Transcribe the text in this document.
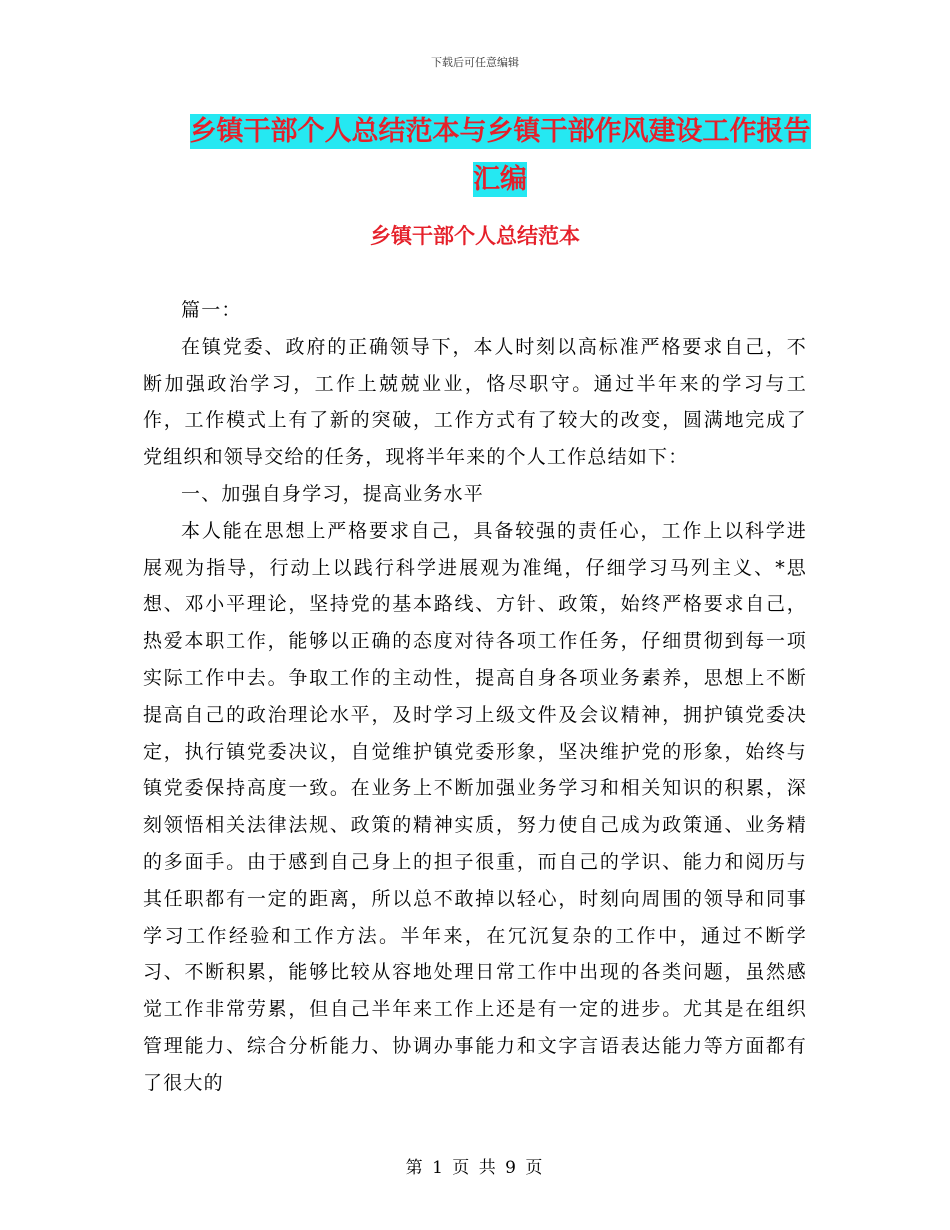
下载后可任意编辑
乡镇干部个人总结范本与乡镇干部作风建设工作报告
汇编
乡镇干部个人总结范本

篇一：

在镇党委、政府的正确领导下，本人时刻以高标准严格要求自己，不断加强政治学习，工作上兢兢业业，恪尽职守。通过半年来的学习与工作，工作模式上有了新的突破，工作方式有了较大的改变，圆满地完成了党组织和领导交给的任务，现将半年来的个人工作总结如下：

一、加强自身学习，提高业务水平

本人能在思想上严格要求自己，具备较强的责任心，工作上以科学进展观为指导，行动上以践行科学进展观为准绳，仔细学习马列主义、*思想、邓小平理论，坚持党的基本路线、方针、政策，始终严格要求自己，热爱本职工作，能够以正确的态度对待各项工作任务，仔细贯彻到每一项实际工作中去。争取工作的主动性，提高自身各项业务素养，思想上不断提高自己的政治理论水平，及时学习上级文件及会议精神，拥护镇党委决定，执行镇党委决议，自觉维护镇党委形象，坚决维护党的形象，始终与镇党委保持高度一致。在业务上不断加强业务学习和相关知识的积累，深刻领悟相关法律法规、政策的精神实质，努力使自己成为政策通、业务精的多面手。由于感到自己身上的担子很重，而自己的学识、能力和阅历与其任职都有一定的距离，所以总不敢掉以轻心，时刻向周围的领导和同事学习工作经验和工作方法。半年来，在冗沉复杂的工作中，通过不断学习、不断积累，能够比较从容地处理日常工作中出现的各类问题，虽然感觉工作非常劳累，但自己半年来工作上还是有一定的进步。尤其是在组织管理能力、综合分析能力、协调办事能力和文字言语表达能力等方面都有了很大的

第 1 页 共 9 页
